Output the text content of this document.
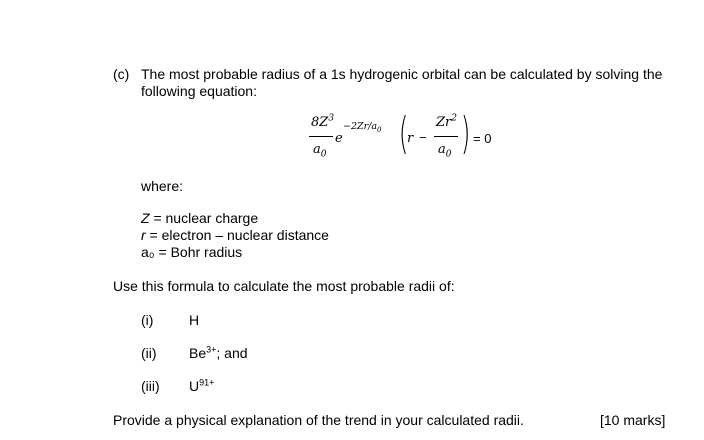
(c) The most probable radius of a 1s hydrogenic orbital can be calculated by solving the
following equation:
$8Z^3$
$a_0$
e
$-2Zr/a_0$ (
r −
$Zr^2$
$a_0$ ) = 0
where:
Z = nuclear charge
r = electron – nuclear distance
a₀ = Bohr radius
Use this formula to calculate the most probable radii of:
(i)	H
(ii) $Be^{3+}$; and
(iii) $U^{91+}$
Provide a physical explanation of the trend in your calculated radii.	[10 marks]
